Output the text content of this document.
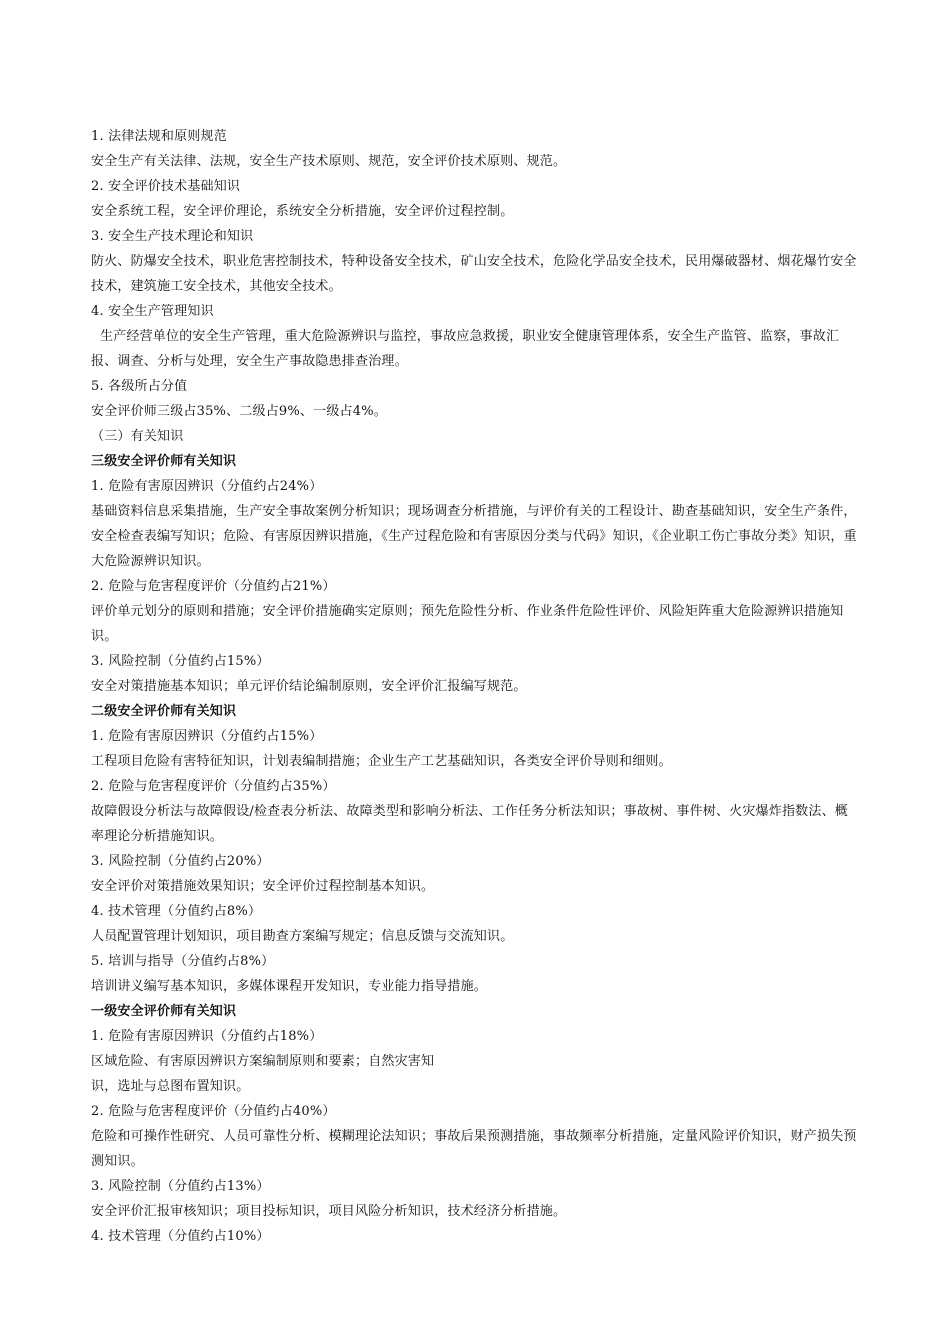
1. 法律法规和原则规范
安全生产有关法律、法规，安全生产技术原则、规范，安全评价技术原则、规范。
2. 安全评价技术基础知识
安全系统工程，安全评价理论，系统安全分析措施，安全评价过程控制。
3. 安全生产技术理论和知识
防火、防爆安全技术，职业危害控制技术，特种设备安全技术，矿山安全技术，危险化学品安全技术，民用爆破器材、烟花爆竹安全技术，建筑施工安全技术，其他安全技术。
4. 安全生产管理知识
生产经营单位的安全生产管理，重大危险源辨识与监控，事故应急救援，职业安全健康管理体系，安全生产监管、监察，事故汇报、调查、分析与处理，安全生产事故隐患排查治理。
5. 各级所占分值
安全评价师三级占35%、二级占9%、一级占4%。
（三）有关知识
三级安全评价师有关知识
1. 危险有害原因辨识（分值约占24%）
基础资料信息采集措施，生产安全事故案例分析知识；现场调查分析措施，与评价有关的工程设计、勘查基础知识，安全生产条件，安全检查表编写知识；危险、有害原因辨识措施，《生产过程危险和有害原因分类与代码》知识，《企业职工伤亡事故分类》知识，重大危险源辨识知识。
2. 危险与危害程度评价（分值约占21%）
评价单元划分的原则和措施；安全评价措施确实定原则；预先危险性分析、作业条件危险性评价、风险矩阵重大危险源辨识措施知识。
3. 风险控制（分值约占15%）
安全对策措施基本知识；单元评价结论编制原则，安全评价汇报编写规范。
二级安全评价师有关知识
1. 危险有害原因辨识（分值约占15%）
工程项目危险有害特征知识，计划表编制措施；企业生产工艺基础知识，各类安全评价导则和细则。
2. 危险与危害程度评价（分值约占35%）
故障假设分析法与故障假设/检查表分析法、故障类型和影响分析法、工作任务分析法知识；事故树、事件树、火灾爆炸指数法、概率理论分析措施知识。
3. 风险控制（分值约占20%）
安全评价对策措施效果知识；安全评价过程控制基本知识。
4. 技术管理（分值约占8%）
人员配置管理计划知识，项目勘查方案编写规定；信息反馈与交流知识。
5. 培训与指导（分值约占8%）
培训讲义编写基本知识，多媒体课程开发知识，专业能力指导措施。
一级安全评价师有关知识
1. 危险有害原因辨识（分值约占18%）
区域危险、有害原因辨识方案编制原则和要素；自然灾害知
识，选址与总图布置知识。
2. 危险与危害程度评价（分值约占40%）
危险和可操作性研究、人员可靠性分析、模糊理论法知识；事故后果预测措施，事故频率分析措施，定量风险评价知识，财产损失预测知识。
3. 风险控制（分值约占13%）
安全评价汇报审核知识；项目投标知识，项目风险分析知识，技术经济分析措施。
4. 技术管理（分值约占10%）
